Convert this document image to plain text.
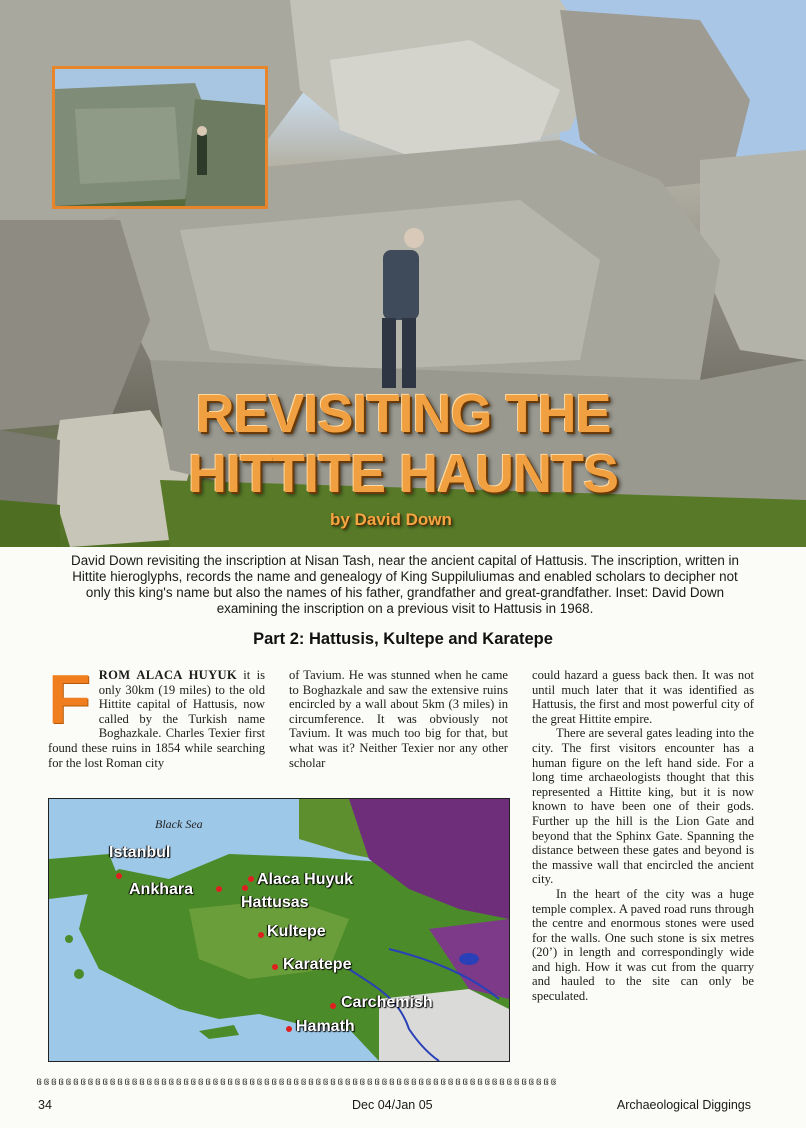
REVISITING THE
HITTITE HAUNTS
by David Down
David Down revisiting the inscription at Nisan Tash, near the ancient capital of Hattusis. The inscription, written in Hittite hieroglyphs, records the name and genealogy of King Suppiluliumas and enabled scholars to decipher not only this king's name but also the names of his father, grandfather and great-grandfather. Inset: David Down examining the inscription on a previous visit to Hattusis in 1968.
Part 2: Hattusis, Kultepe and Karatepe

FROM ALACA HUYUK it is only 30km (19 miles) to the old Hittite capital of Hattusis, now called by the Turkish name Boghazkale. Charles Texier first found these ruins in 1854 while searching for the lost Roman city

of Tavium. He was stunned when he came to Boghazkale and saw the extensive ruins encircled by a wall about 5km (3 miles) in circumference. It was obviously not Tavium. It was much too big for that, but what was it? Neither Texier nor any other scholar

could hazard a guess back then. It was not until much later that it was identified as Hattusis, the first and most powerful city of the great Hittite empire.

There are several gates leading into the city. The first visitors encounter has a human figure on the left hand side. For a long time archaeologists thought that this represented a Hittite king, but it is now known to have been one of their gods. Further up the hill is the Lion Gate and beyond that the Sphinx Gate. Spanning the distance between these gates and beyond is the massive wall that encircled the ancient city.

In the heart of the city was a huge temple complex. A paved road runs through the centre and enormous stones were used for the walls. One such stone is six metres (20’) in length and correspondingly wide and high. How it was cut from the quarry and hauled to the site can only be speculated.

Black Sea
Istanbul
Ankhara
Alaca Huyuk
Hattusas
Kultepe
Karatepe
Carchemish
Hamath
ឲឲឲឲឲឲឲឲឲឲឲឲឲឲឲឲឲឲឲឲឲឲឲឲឲឲឲឲឲឲឲឲឲឲឲឲឲឲឲឲឲឲឲឲឲឲឲឲឲឲឲឲឲឲឲឲឲឲឲឲឲឲឲឲឲឲឲឲឲឲឲ
34	Dec 04/Jan 05	Archaeological Diggings
